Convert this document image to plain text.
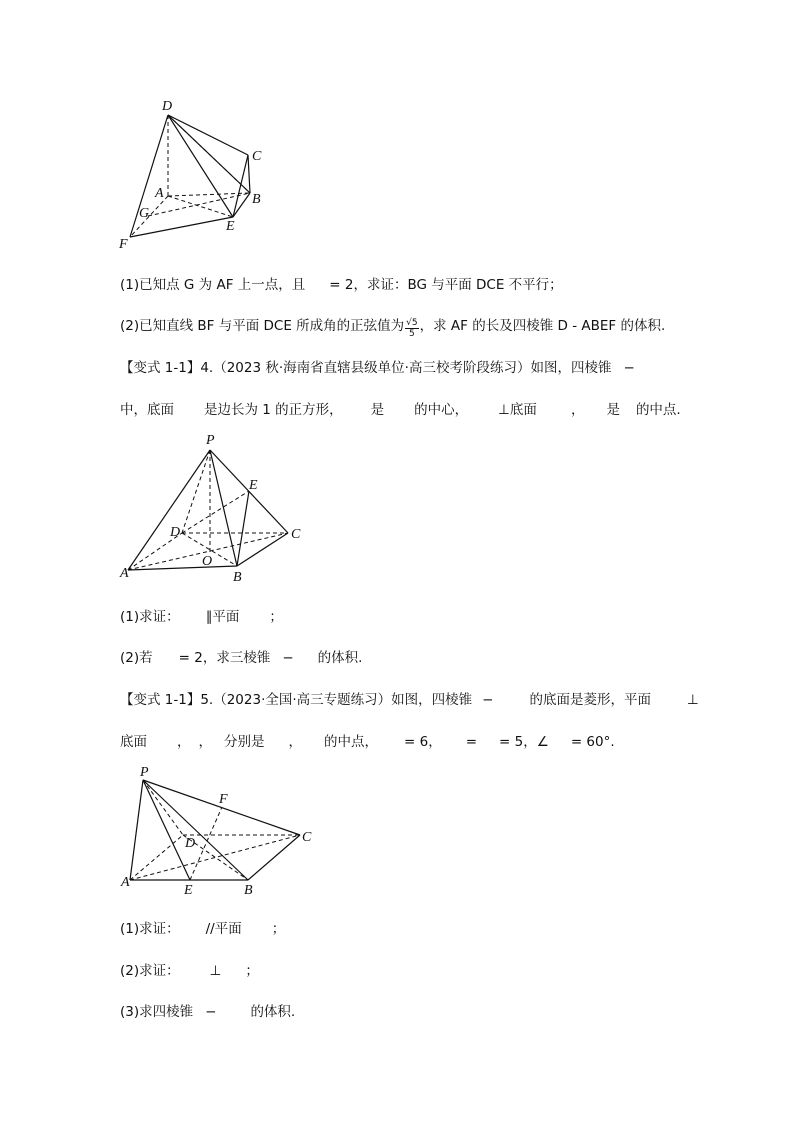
D
C
A	B
G
E
F
(1)已知点 G 为 AF 上一点，且 = 2，求证：BG 与平面 DCE 不平行；
(2)已知直线 BF 与平面 DCE 所成角的正弦值为 $\frac{√5}{5}$ ，求 AF 的长及四棱锥 D - ABEF 的体积.
【变式 1-1】4.（2023 秋·海南省直辖县级单位·高三校考阶段练习）如图，四棱锥 −
中，底面 是边长为 1 的正方形， 是 的中心， ⊥底面	， 是 的中点.
P
E
D	C
O
A	B
(1)求证： ∥平面 ；
(2)若 = 2，求三棱锥 − 的体积.
【变式 1-1】5.（2023·全国·高三专题练习）如图，四棱锥 −	的底面是菱形，平面	⊥
底面 ， ， 分别是 ， 的中点， = 6， = = 5，∠ = 60°.
P
F
C
D
A
E	B
(1)求证： //平面 ；
(2)求证： ⊥ ；
(3)求四棱锥 −	的体积.
